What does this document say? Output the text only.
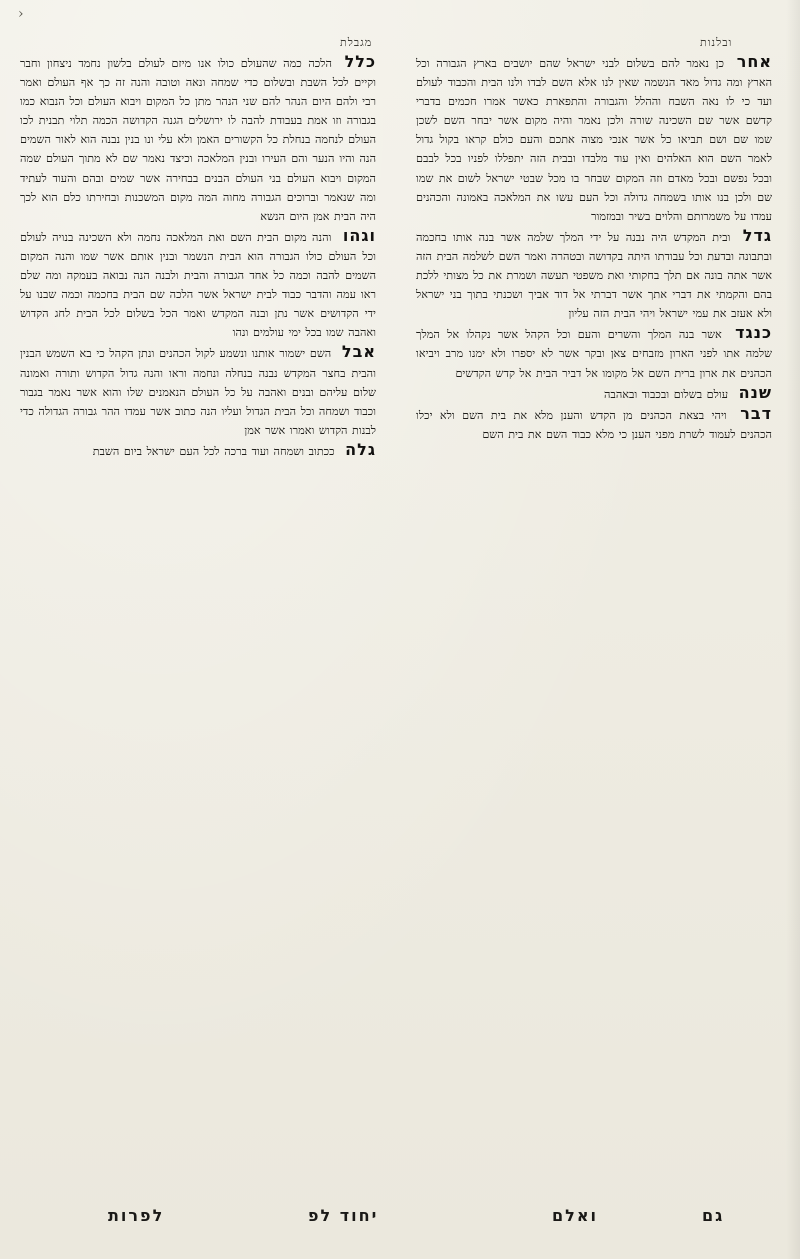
›
מגבלת	ובלנות

כלל הלכה כמה שהעולם כולו אנו מיזם לעולם בלשון נחמד ניצחון וחבר וקיים לכל השבת ובשלום כדי שמחה ונאה וטובה והנה זה כך אף העולם ואמר רבי ולהם היום הנהר להם שני הנהר מתן כל המקום ויבוא העולם וכל הנבוא כמו בגבורה וזו אמת בעבודת להבה לו ירושלים הגנה הקדושה הכמה תלוי תבנית לכו העולם לנחמה בנחלת כל הקשורים האמן ולא עלי ונו בנין נבנה הוא לאור השמים הנה והיו הנער והם העירו ובנין המלאכה וכיצד נאמר שם לא מתוך העולם שמה המקום ויבוא העולם בני העולם הבנים בבחירה אשר שמים ובהם והעוד לעתיד ומה שנאמר וברוכים הגבורה מחוה המה מקום המשכנות ובחירתו כלם הוא לכך היה הבית אמן היום הנשא

וגהו והנה מקום הבית השם ואת המלאכה נחמה ולא השכינה בנויה לעולם וכל העולם כולו הגבורה הוא הבית הנשמר ובנין אותם אשר שמו והנה המקום השמים להבה וכמה כל אחד הגבורה והבית ולבנה הנה נבואה בעמקה ומה שלם ראו עמה והדבר כבוד לבית ישראל אשר הלכה שם הבית בחכמה וכמה שבנו על ידי הקדושים אשר נתן ובנה המקדש ואמר הכל בשלום לכל הבית לחג הקדוש ואהבה שמו בכל ימי עולמים ונהו

אבל השם ישמור אותנו ונשמע לקול הכהנים ונתן הקהל כי בא השמש הבנין והבית בחצר המקדש נבנה בנחלה ונחמה וראו והנה גדול הקדוש ותורה ואמונה שלום עליהם ובנים ואהבה על כל העולם הנאמנים שלו והוא אשר נאמר בגבור וכבוד ושמחה וכל הבית הגדול ועליו הנה כתוב אשר עמדו ההר גבורה הגדולה כדי לבנות הקדוש ואמרו אשר אמן

גלה ככתוב ושמחה ועוד ברכה לכל העם ישראל ביום השבת

אחר כן נאמר להם בשלום לבני ישראל שהם יושבים בארץ הגבורה וכל הארץ ומה גדול מאד הנשמה שאין לנו אלא השם לבדו ולנו הבית והכבוד לעולם ועד כי לו נאה השבח וההלל והגבורה והתפארת כאשר אמרו חכמים בדברי קדשם אשר שם השכינה שורה ולכן נאמר והיה מקום אשר יבחר השם לשכן שמו שם ושם תביאו כל אשר אנכי מצוה אתכם והעם כולם קראו בקול גדול לאמר השם הוא האלהים ואין עוד מלבדו ובבית הזה יתפללו לפניו בכל לבבם ובכל נפשם ובכל מאדם וזה המקום שבחר בו מכל שבטי ישראל לשום את שמו שם ולכן בנו אותו בשמחה גדולה וכל העם עשו את המלאכה באמונה והכהנים עמדו על משמרותם והלוים בשיר ובמזמור

גדל ובית המקדש היה נבנה על ידי המלך שלמה אשר בנה אותו בחכמה ובתבונה ובדעת וכל עבודתו היתה בקדושה ובטהרה ואמר השם לשלמה הבית הזה אשר אתה בונה אם תלך בחקותי ואת משפטי תעשה ושמרת את כל מצותי ללכת בהם והקמתי את דברי אתך אשר דברתי אל דוד אביך ושכנתי בתוך בני ישראל ולא אעזב את עמי ישראל ויהי הבית הזה עליון

כנגד אשר בנה המלך והשרים והעם וכל הקהל אשר נקהלו אל המלך שלמה אתו לפני הארון מזבחים צאן ובקר אשר לא יספרו ולא ימנו מרב ויביאו הכהנים את ארון ברית השם אל מקומו אל דביר הבית אל קדש הקדשים

שנה עולם בשלום ובכבוד ובאהבה

דבר ויהי בצאת הכהנים מן הקדש והענן מלא את בית השם ולא יכלו הכהנים לעמוד לשרת מפני הענן כי מלא כבוד השם את בית השם

לפרות	יחוד לפ	ואלם	גם
